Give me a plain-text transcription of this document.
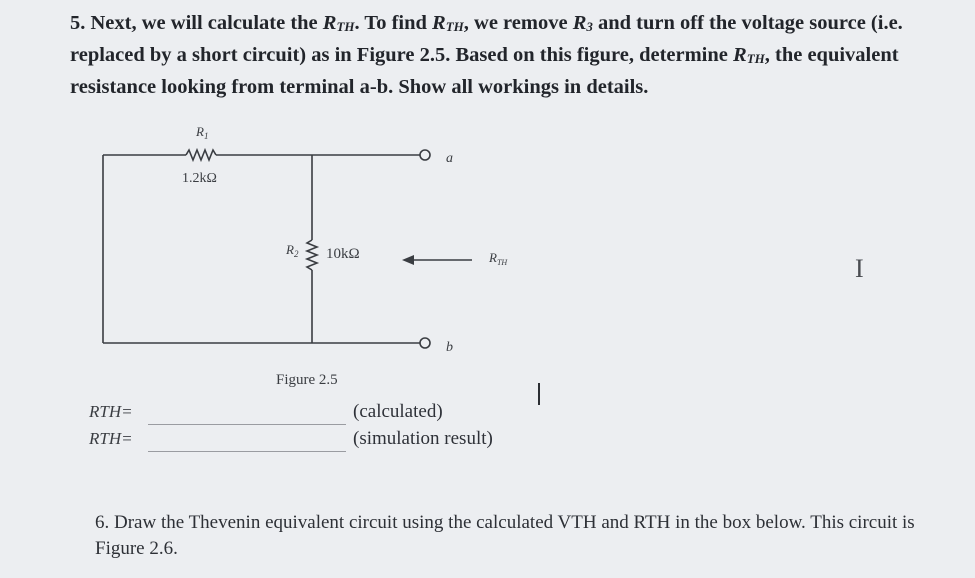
5. Next, we will calculate the $R_{TH}$. To find $R_{TH}$, we remove $R_3$ and turn off the voltage source (i.e. replaced by a short circuit) as in Figure 2.5. Based on this figure, determine $R_{TH}$, the equivalent resistance looking from terminal a-b. Show all workings in details.
$R_1$
1.2kΩ
$R_2$ 10kΩ
a
b
$R_{TH}$
Figure 2.5
I
RTH=	(calculated)
RTH=	(simulation result)
6. Draw the Thevenin equivalent circuit using the calculated VTH and RTH in the box below. This circuit is Figure 2.6.
